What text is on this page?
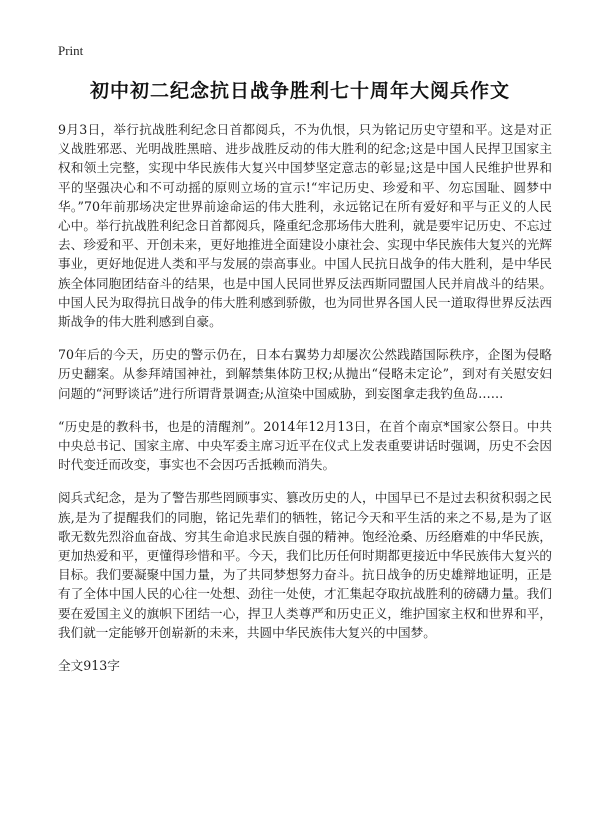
Print
初中初二纪念抗日战争胜利七十周年大阅兵作文

9月3日，举行抗战胜利纪念日首都阅兵，不为仇恨，只为铭记历史守望和平。这是对正义战胜邪恶、光明战胜黑暗、进步战胜反动的伟大胜利的纪念;这是中国人民捍卫国家主权和领土完整，实现中华民族伟大复兴中国梦坚定意志的彰显;这是中国人民维护世界和平的坚强决心和不可动摇的原则立场的宣示!“牢记历史、珍爱和平、勿忘国耻、圆梦中华。”70年前那场决定世界前途命运的伟大胜利，永远铭记在所有爱好和平与正义的人民心中。举行抗战胜利纪念日首都阅兵，隆重纪念那场伟大胜利，就是要牢记历史、不忘过去、珍爱和平、开创未来，更好地推进全面建设小康社会、实现中华民族伟大复兴的光辉事业，更好地促进人类和平与发展的崇高事业。中国人民抗日战争的伟大胜利，是中华民族全体同胞团结奋斗的结果，也是中国人民同世界反法西斯同盟国人民并肩战斗的结果。中国人民为取得抗日战争的伟大胜利感到骄傲，也为同世界各国人民一道取得世界反法西斯战争的伟大胜利感到自豪。

70年后的今天，历史的警示仍在，日本右翼势力却屡次公然践踏国际秩序，企图为侵略历史翻案。从参拜靖国神社，到解禁集体防卫权;从抛出“侵略未定论”，到对有关慰安妇问题的“河野谈话”进行所谓背景调查;从渲染中国威胁，到妄图拿走我钓鱼岛……

“历史是的教科书，也是的清醒剂”。2014年12月13日，在首个南京*国家公祭日。中共中央总书记、国家主席、中央军委主席习近平在仪式上发表重要讲话时强调，历史不会因时代变迁而改变，事实也不会因巧舌抵赖而消失。

阅兵式纪念，是为了警告那些罔顾事实、篡改历史的人，中国早已不是过去积贫积弱之民族,是为了提醒我们的同胞，铭记先辈们的牺牲，铭记今天和平生活的来之不易,是为了讴歌无数先烈浴血奋战、穷其生命追求民族自强的精神。饱经沧桑、历经磨难的中华民族，更加热爱和平，更懂得珍惜和平。今天，我们比历任何时期都更接近中华民族伟大复兴的目标。我们要凝聚中国力量，为了共同梦想努力奋斗。抗日战争的历史雄辩地证明，正是有了全体中国人民的心往一处想、劲往一处使，才汇集起夺取抗战胜利的磅礴力量。我们要在爱国主义的旗帜下团结一心，捍卫人类尊严和历史正义，维护国家主权和世界和平，我们就一定能够开创崭新的未来，共圆中华民族伟大复兴的中国梦。

全文913字
